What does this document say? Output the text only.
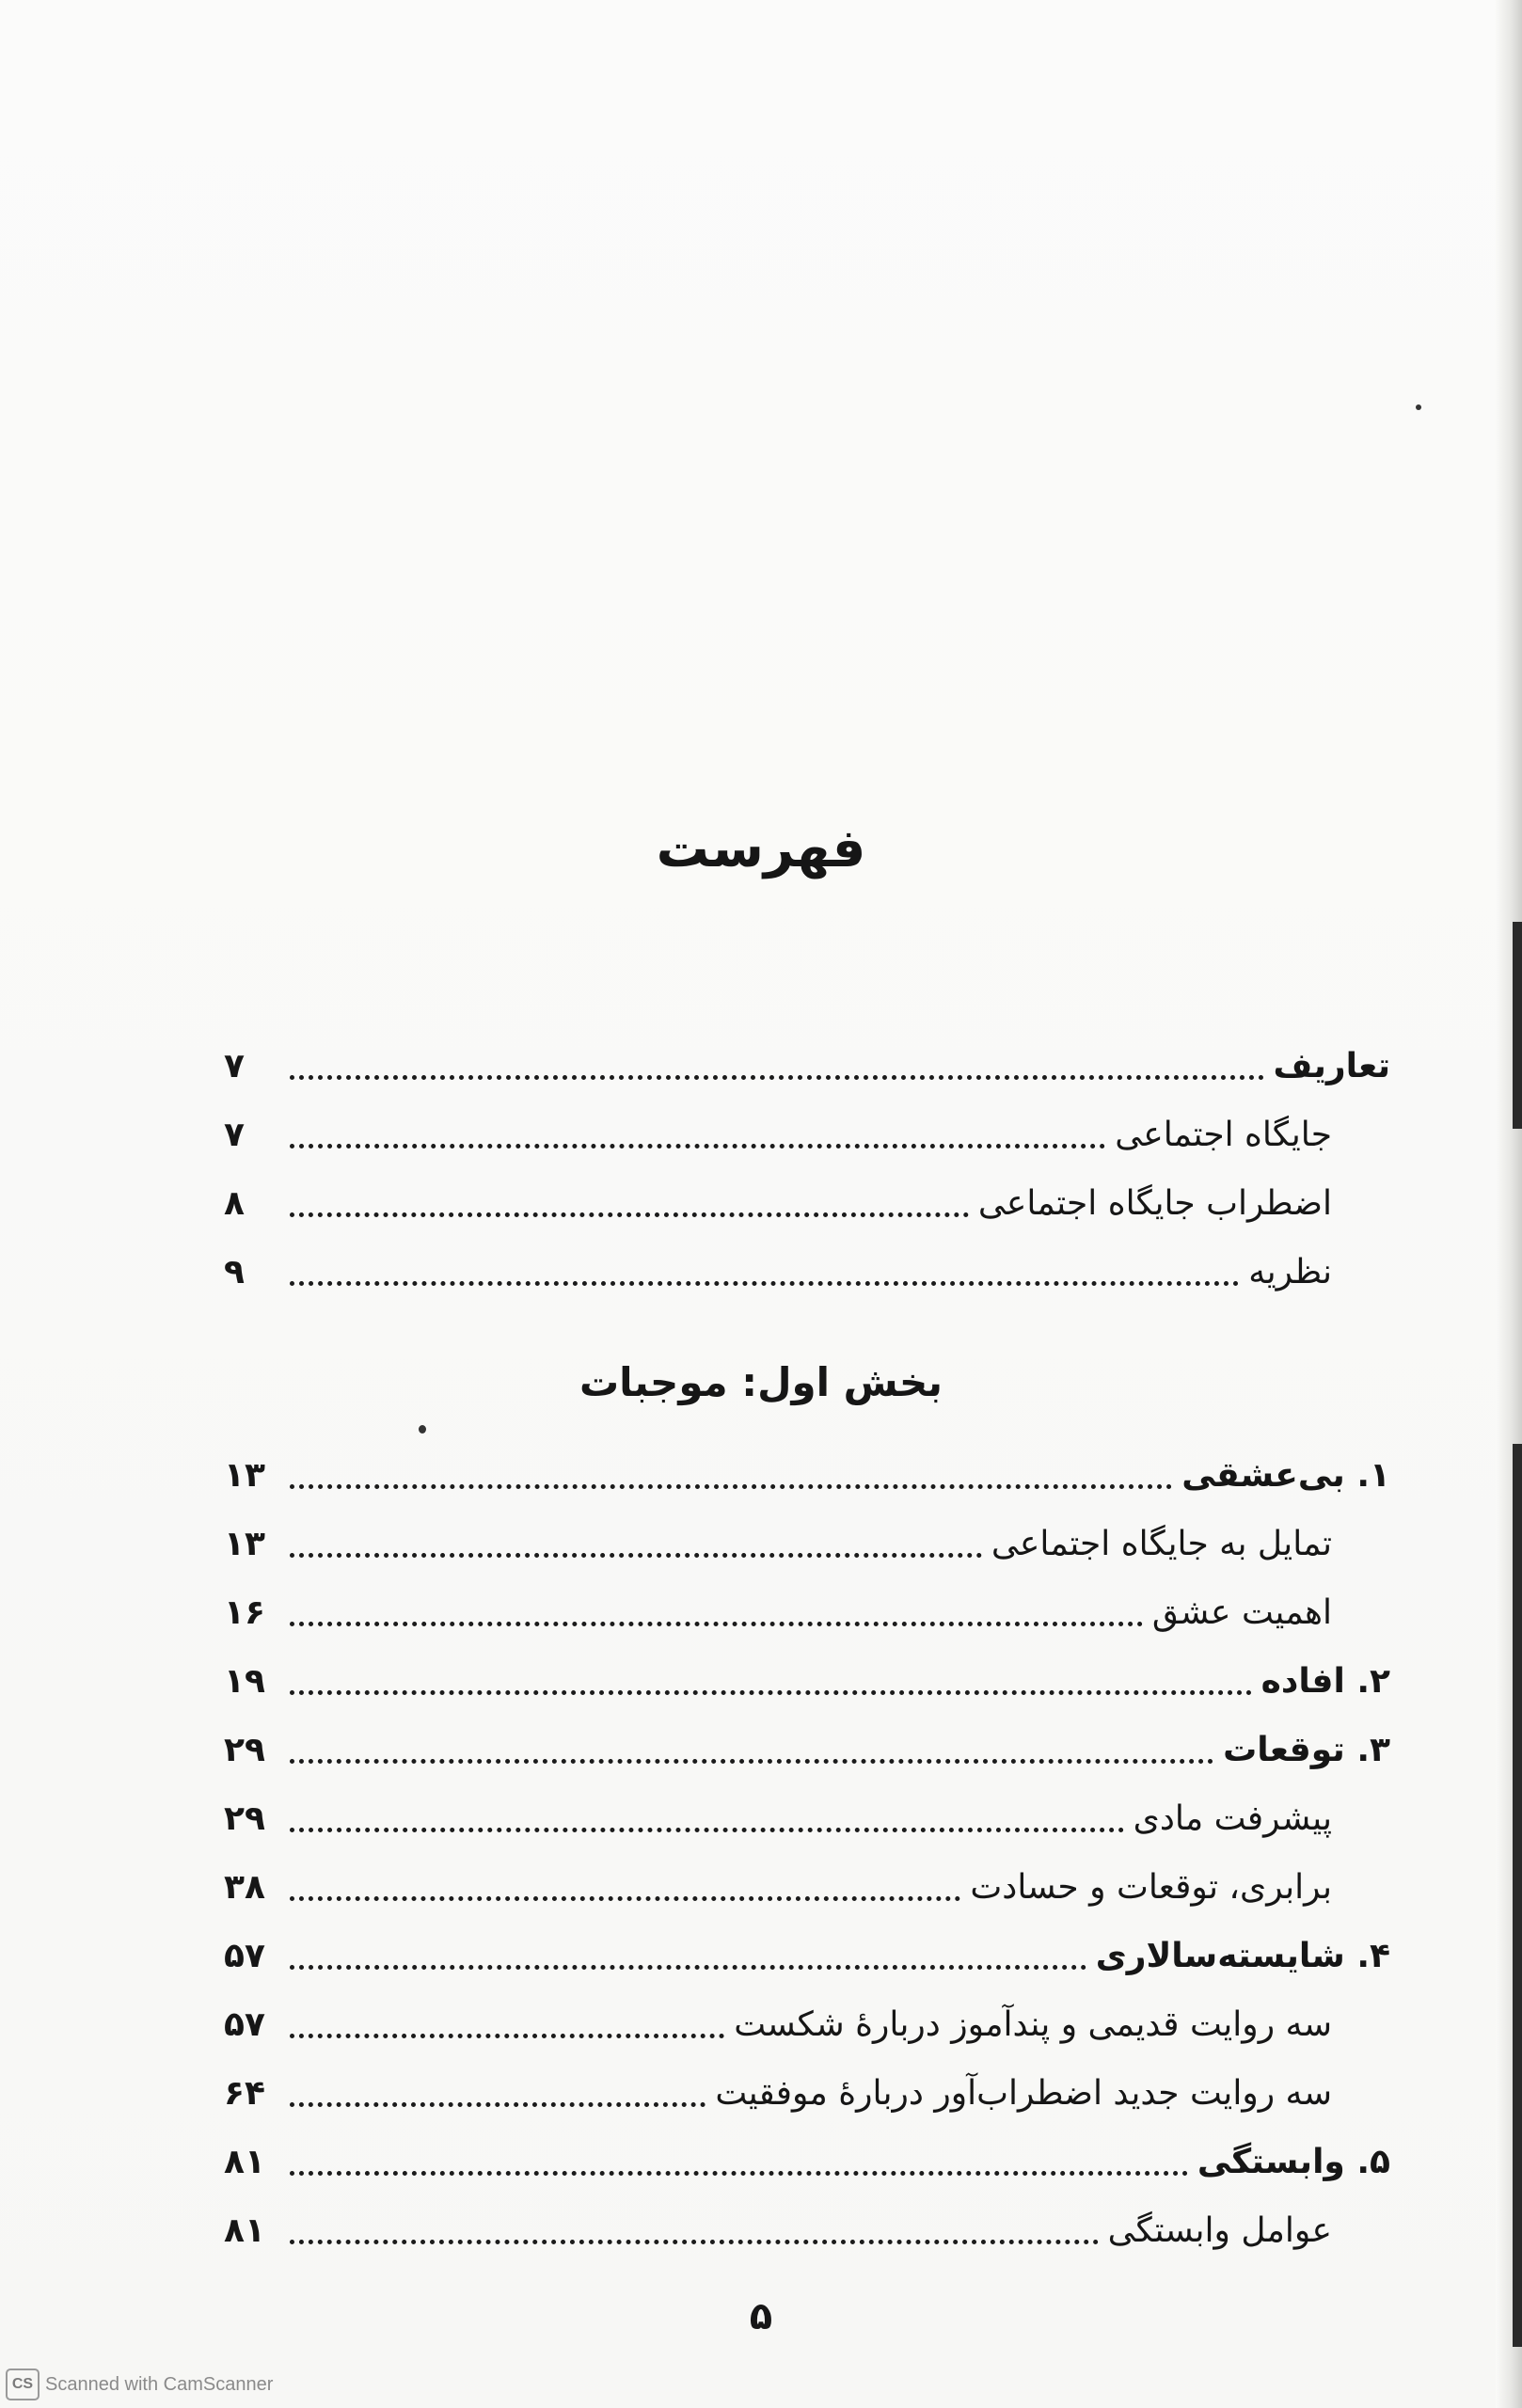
فهرست
تعاریف
۷
جایگاه اجتماعی
۷
اضطراب جایگاه اجتماعی
۸
نظریه
۹
بخش اول: موجبات
۱. بی‌عشقی
۱۳
تمایل به جایگاه اجتماعی
۱۳
اهمیت عشق
۱۶
۲. افاده
۱۹
۳. توقعات
۲۹
پیشرفت مادی
۲۹
برابری، توقعات و حسادت
۳۸
۴. شایسته‌سالاری
۵۷
سه روایت قدیمی و پندآموز دربارۀ شکست
۵۷
سه روایت جدید اضطراب‌آور دربارۀ موفقیت
۶۴
۵. وابستگی
۸۱
عوامل وابستگی
۸۱
۵
CS Scanned with CamScanner
